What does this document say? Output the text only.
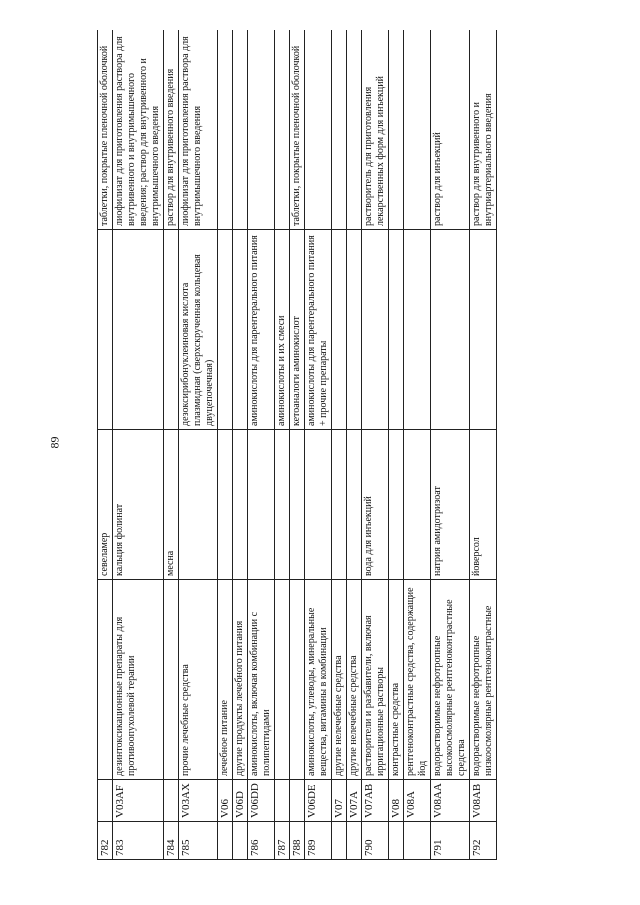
89
782			севеламер		таблетки, покрытые пленочной оболочкой
783	V03AF	дезинтоксикационные препараты для противоопухолевой терапии	кальция фолинат		лиофилизат для приготовления раствора для внутривенного и внутримышечного введения; раствор для внутривенного и внутримышечного введения
784			месна		раствор для внутривенного введения
785	V03AX	прочие лечебные средства		дезоксирибонуклеиновая кислота плазмидная (сверхскрученная кольцевая двуцепочечная)	лиофилизат для приготовления раствора для внутримышечного введения
	V06	лечебное питание			
	V06D	другие продукты лечебного питания			
786	V06DD	аминокислоты, включая комбинации с полипептидами		аминокислоты для парентерального питания	
787				аминокислоты и их смеси	
788				кетоаналоги аминокислот	таблетки, покрытые пленочной оболочкой
789	V06DE	аминокислоты, углеводы, минеральные вещества, витамины в комбинации		аминокислоты для парентерального питания + прочие препараты	
	V07	другие нелечебные средства			
	V07A	другие нелечебные средства			
790	V07AB	растворители и разбавители, включая ирригационные растворы	вода для инъекций		растворитель для приготовления лекарственных форм для инъекций
	V08	контрастные средства			
	V08A	рентгеноконтрастные средства, содержащие йод			
791	V08AA	водорастворимые нефротропные высокоосмолярные рентгеноконтрастные средства	натрия амидотризоат		раствор для инъекций
792	V08AB	водорастворимые нефротропные низкоосмолярные рентгеноконтрастные	йоверсол		раствор для внутривенного и внутриартериального введения
